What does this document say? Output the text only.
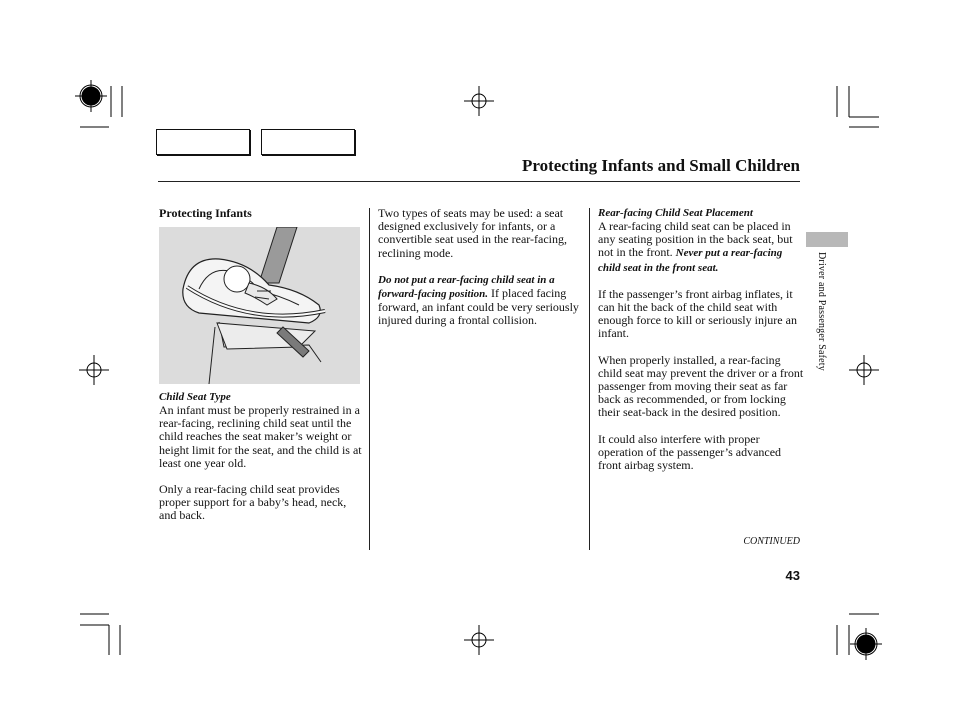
Protecting Infants and Small Children
Protecting Infants
Child Seat Type

An infant must be properly restrained in a rear-facing, reclining child seat until the child reaches the seat maker’s weight or height limit for the seat, and the child is at least one year old.

Only a rear-facing child seat provides proper support for a baby’s head, neck, and back.

Two types of seats may be used: a seat designed exclusively for infants, or a convertible seat used in the rear-facing, reclining mode.

Do not put a rear-facing child seat in a forward-facing position. If placed facing forward, an infant could be very seriously injured during a frontal collision.

Rear-facing Child Seat Placement

A rear-facing child seat can be placed in any seating position in the back seat, but not in the front. Never put a rear-facing child seat in the front seat.

If the passenger’s front airbag inflates, it can hit the back of the child seat with enough force to kill or seriously injure an infant.

When properly installed, a rear-facing child seat may prevent the driver or a front passenger from moving their seat as far back as recommended, or from locking their seat-back in the desired position.

It could also interfere with proper operation of the passenger’s advanced front airbag system.

Driver and Passenger Safety
CONTINUED
43
